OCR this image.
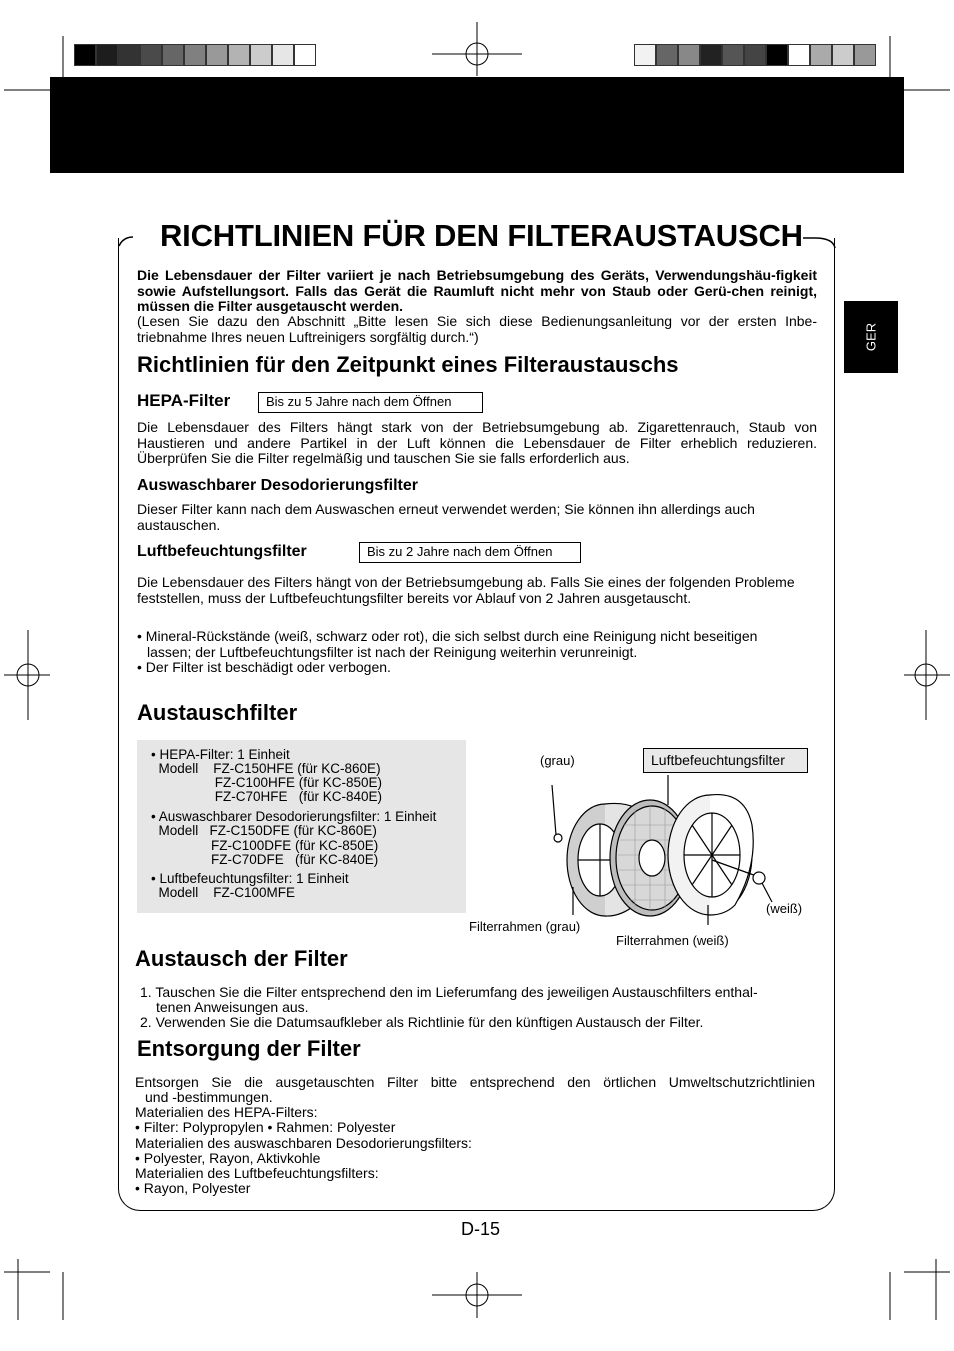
GER
RICHTLINIEN FÜR DEN FILTERAUSTAUSCH
Die Lebensdauer der Filter variiert je nach Betriebsumgebung des Geräts, Verwendungshäu-figkeit sowie Aufstellungsort. Falls das Gerät die Raumluft nicht mehr von Staub oder Gerü-chen reinigt, müssen die Filter ausgetauscht werden.
(Lesen Sie dazu den Abschnitt „Bitte lesen Sie sich diese Bedienungsanleitung vor der ersten Inbe-triebnahme Ihres neuen Luftreinigers sorgfältig durch.“)
Richtlinien für den Zeitpunkt eines Filteraustauschs
HEPA-Filter	Bis zu 5 Jahre nach dem Öffnen
Die Lebensdauer des Filters hängt stark von der Betriebsumgebung ab. Zigarettenrauch, Staub von Haustieren und andere Partikel in der Luft können die Lebensdauer de Filter erheblich reduzieren. Überprüfen Sie die Filter regelmäßig und tauschen Sie sie falls erforderlich aus.
Auswaschbarer Desodorierungsfilter
Dieser Filter kann nach dem Auswaschen erneut verwendet werden; Sie können ihn allerdings auch austauschen.
Luftbefeuchtungsfilter	Bis zu 2 Jahre nach dem Öffnen
Die Lebensdauer des Filters hängt von der Betriebsumgebung ab. Falls Sie eines der folgenden Probleme feststellen, muss der Luftbefeuchtungsfilter bereits vor Ablauf von 2 Jahren ausgetauscht.
• Mineral-Rückstände (weiß, schwarz oder rot), die sich selbst durch eine Reinigung nicht beseitigen
lassen; der Luftbefeuchtungsfilter ist nach der Reinigung weiterhin verunreinigt.
• Der Filter ist beschädigt oder verbogen.
Austauschfilter
• HEPA-Filter: 1 Einheit
Modell    FZ-C150HFE (für KC-860E)
FZ-C100HFE (für KC-850E)
FZ-C70HFE   (für KC-840E)
• Auswaschbarer Desodorierungsfilter: 1 Einheit
Modell   FZ-C150DFE (für KC-860E)
FZ-C100DFE (für KC-850E)
FZ-C70DFE   (für KC-840E)
• Luftbefeuchtungsfilter: 1 Einheit
Modell    FZ-C100MFE
(grau)	Luftbefeuchtungsfilter
(weiß)
Filterrahmen (grau)
Filterrahmen (weiß)
Austausch der Filter
1. Tauschen Sie die Filter entsprechend den im Lieferumfang des jeweiligen Austauschfilters enthal-
tenen Anweisungen aus.
2. Verwenden Sie die Datumsaufkleber als Richtlinie für den künftigen Austausch der Filter.
Entsorgung der Filter
Entsorgen Sie die ausgetauschten Filter bitte entsprechend den örtlichen Umweltschutzrichtlinien
und -bestimmungen.
Materialien des HEPA-Filters:
• Filter: Polypropylen • Rahmen: Polyester
Materialien des auswaschbaren Desodorierungsfilters:
• Polyester, Rayon, Aktivkohle
Materialien des Luftbefeuchtungsfilters:
• Rayon, Polyester
D-15
